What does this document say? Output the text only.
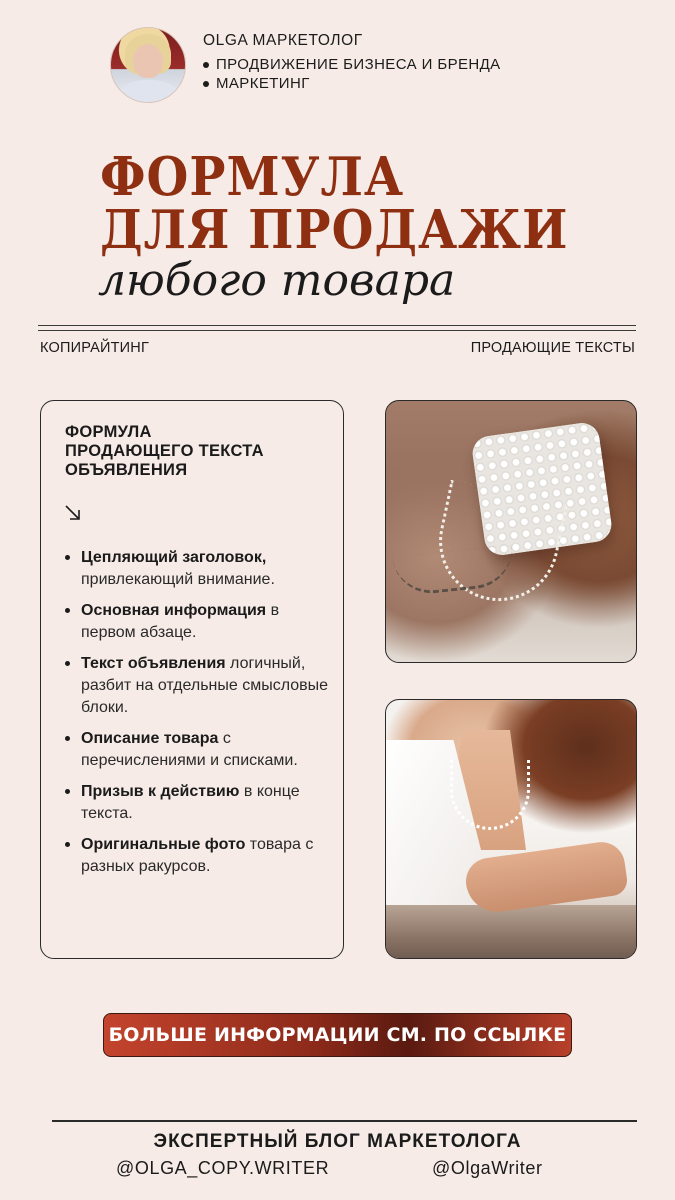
OLGA МАРКЕТОЛОГ
ПРОДВИЖЕНИЕ БИЗНЕСА И БРЕНДА
МАРКЕТИНГ
ФОРМУЛА
ДЛЯ ПРОДАЖИ
любого товара
КОПИРАЙТИНГ	ПРОДАЮЩИЕ ТЕКСТЫ
ФОРМУЛА
ПРОДАЮЩЕГО ТЕКСТА
ОБЪЯВЛЕНИЯ
Цепляющий заголовок, привлекающий внимание.
Основная информация в первом абзаце.
Текст объявления логичный, разбит на отдельные смысловые блоки.
Описание товара с перечислениями и списками.
Призыв к действию в конце текста.
Оригинальные фото товара с разных ракурсов.
БОЛЬШЕ ИНФОРМАЦИИ СМ. ПО ССЫЛКЕ
ЭКСПЕРТНЫЙ БЛОГ МАРКЕТОЛОГА
@OLGA_COPY.WRITER	@OlgaWriter
